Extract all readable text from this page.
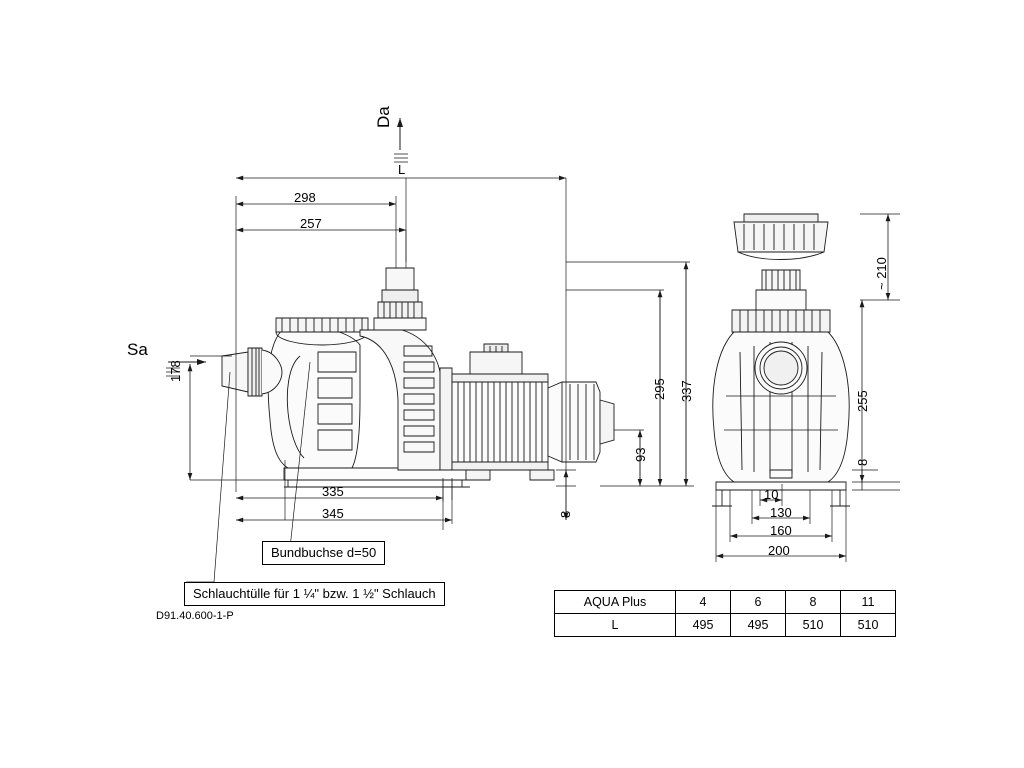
Sa
Da
L
298
257
178
295 337
93
8
335
345
~ 210
255
8
10
130
160
200
Bundbuchse d=50
Schlauchtülle für 1 ¼" bzw. 1 ½" Schlauch
D91.40.600-1-P
AQUA Plus	4	6	8	11
L	495	495	510	510
